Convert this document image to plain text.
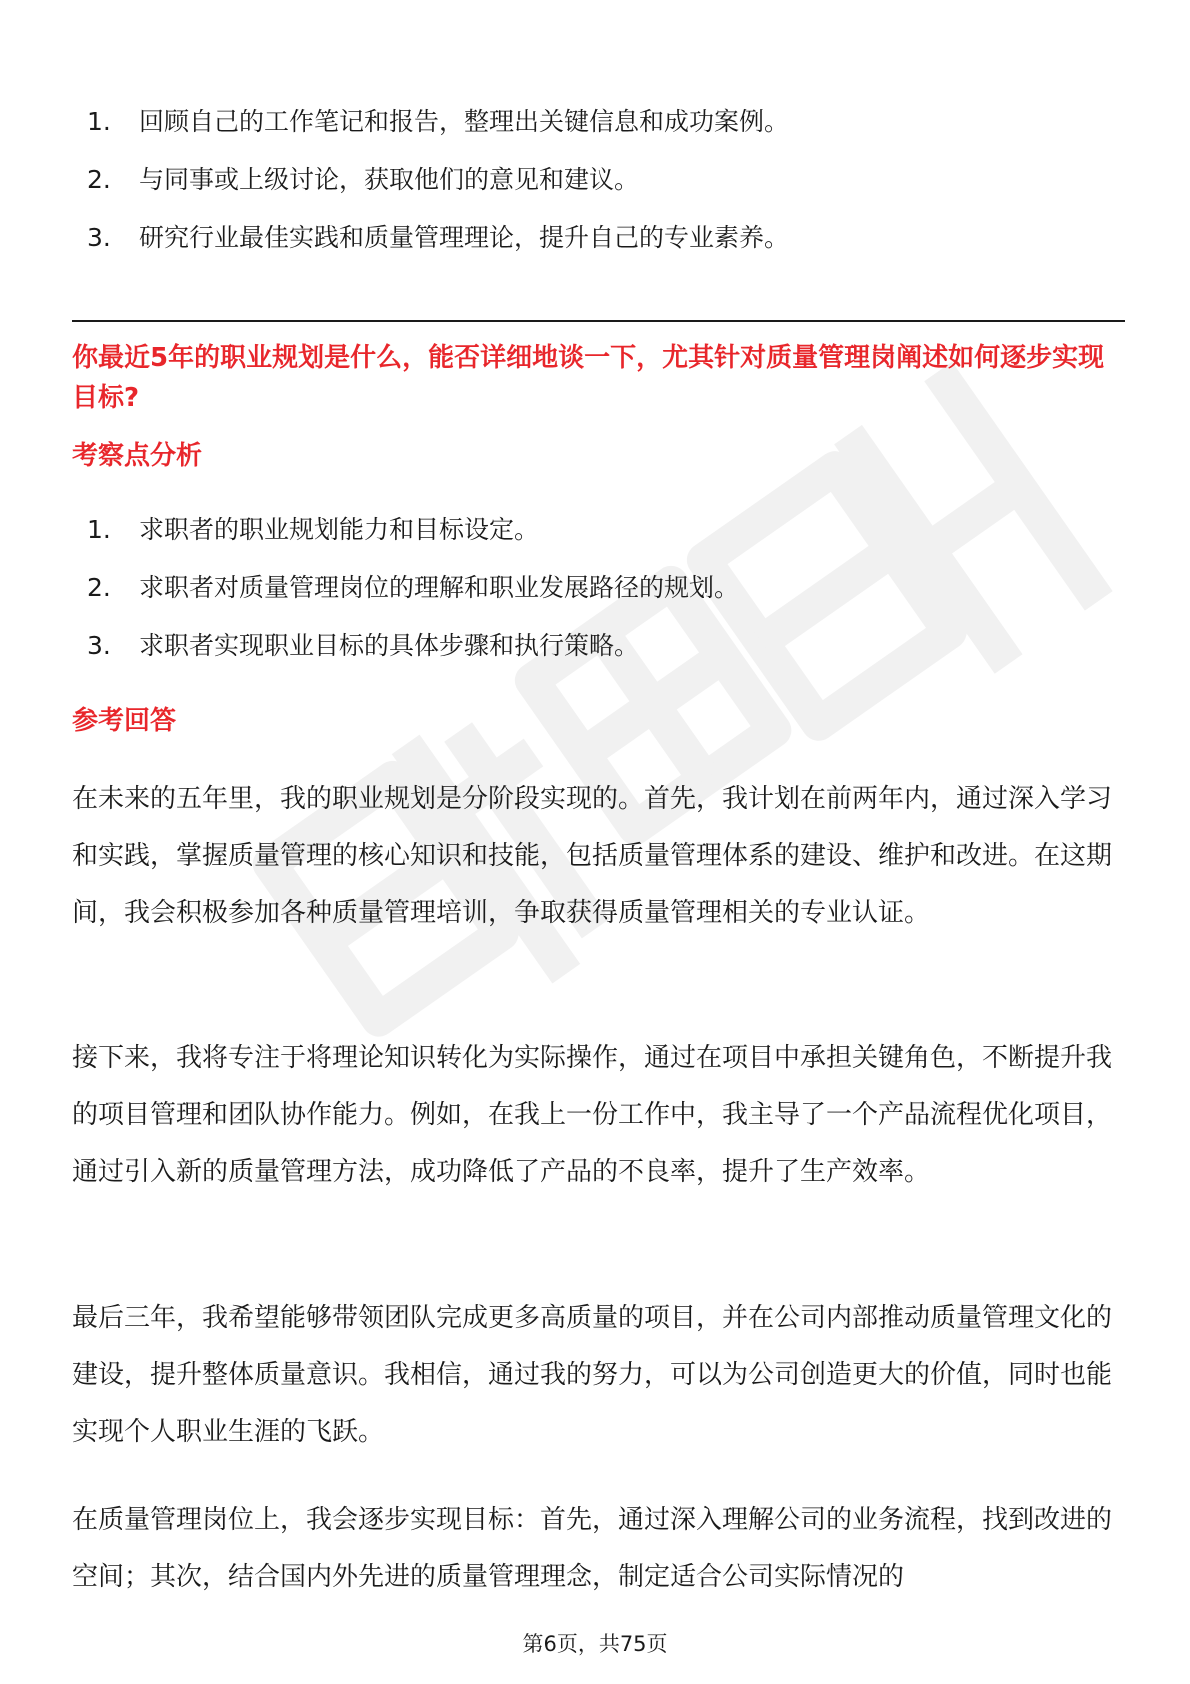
1. 回顾自己的工作笔记和报告，整理出关键信息和成功案例。
2. 与同事或上级讨论，获取他们的意见和建议。
3. 研究行业最佳实践和质量管理理论，提升自己的专业素养。
你最近5年的职业规划是什么，能否详细地谈一下，尤其针对质量管理岗阐述如何逐步实现目标?
考察点分析
1. 求职者的职业规划能力和目标设定。
2. 求职者对质量管理岗位的理解和职业发展路径的规划。
3. 求职者实现职业目标的具体步骤和执行策略。
参考回答

在未来的五年里，我的职业规划是分阶段实现的。首先，我计划在前两年内，通过深入学习和实践，掌握质量管理的核心知识和技能，包括质量管理体系的建设、维护和改进。在这期间，我会积极参加各种质量管理培训，争取获得质量管理相关的专业认证。

接下来，我将专注于将理论知识转化为实际操作，通过在项目中承担关键角色，不断提升我的项目管理和团队协作能力。例如，在我上一份工作中，我主导了一个产品流程优化项目，通过引入新的质量管理方法，成功降低了产品的不良率，提升了生产效率。

最后三年，我希望能够带领团队完成更多高质量的项目，并在公司内部推动质量管理文化的建设，提升整体质量意识。我相信，通过我的努力，可以为公司创造更大的价值，同时也能实现个人职业生涯的飞跃。

在质量管理岗位上，我会逐步实现目标：首先，通过深入理解公司的业务流程，找到改进的空间；其次，结合国内外先进的质量管理理念，制定适合公司实际情况的

第6页，共75页
